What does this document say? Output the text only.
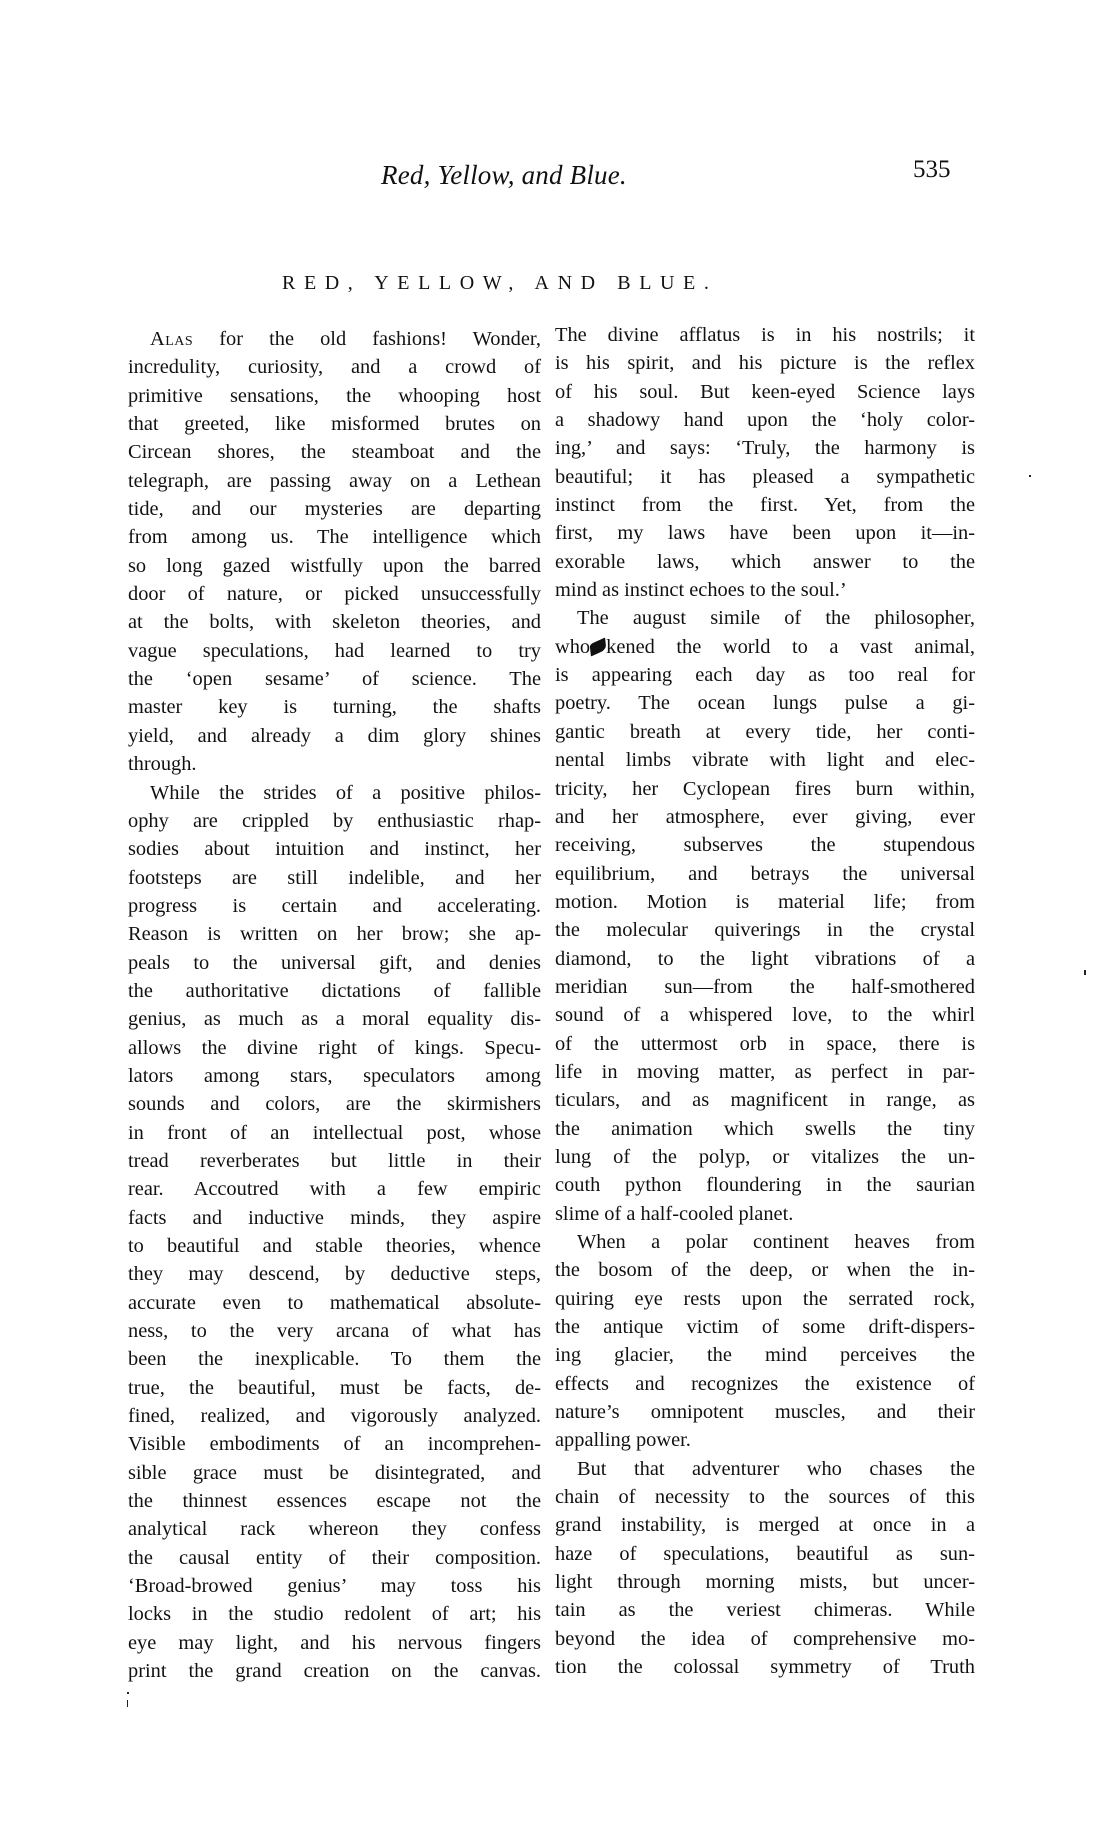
Red, Yellow, and Blue.	535
RED, YELLOW, AND BLUE.
Alas for the old fashions! Wonder,
incredulity, curiosity, and a crowd of
primitive sensations, the whooping host
that greeted, like misformed brutes on
Circean shores, the steamboat and the
telegraph, are passing away on a Lethean
tide, and our mysteries are departing
from among us. The intelligence which
so long gazed wistfully upon the barred
door of nature, or picked unsuccessfully
at the bolts, with skeleton theories, and
vague speculations, had learned to try
the ‘open sesame’ of science. The
master key is turning, the shafts
yield, and already a dim glory shines
through.
While the strides of a positive philos-
ophy are crippled by enthusiastic rhap-
sodies about intuition and instinct, her
footsteps are still indelible, and her
progress is certain and accelerating.
Reason is written on her brow; she ap-
peals to the universal gift, and denies
the authoritative dictations of fallible
genius, as much as a moral equality dis-
allows the divine right of kings. Specu-
lators among stars, speculators among
sounds and colors, are the skirmishers
in front of an intellectual post, whose
tread reverberates but little in their
rear. Accoutred with a few empiric
facts and inductive minds, they aspire
to beautiful and stable theories, whence
they may descend, by deductive steps,
accurate even to mathematical absolute-
ness, to the very arcana of what has
been the inexplicable. To them the
true, the beautiful, must be facts, de-
fined, realized, and vigorously analyzed.
Visible embodiments of an incomprehen-
sible grace must be disintegrated, and
the thinnest essences escape not the
analytical rack whereon they confess
the causal entity of their composition.
‘Broad-browed genius’ may toss his
locks in the studio redolent of art; his
eye may light, and his nervous fingers
print the grand creation on the canvas.
The divine afflatus is in his nostrils; it
is his spirit, and his picture is the reflex
of his soul. But keen-eyed Science lays
a shadowy hand upon the ‘holy color-
ing,’ and says: ‘Truly, the harmony is
beautiful; it has pleased a sympathetic
instinct from the first. Yet, from the
first, my laws have been upon it—in-
exorable laws, which answer to the
mind as instinct echoes to the soul.’
The august simile of the philosopher,
who kened the world to a vast animal,
is appearing each day as too real for
poetry. The ocean lungs pulse a gi-
gantic breath at every tide, her conti-
nental limbs vibrate with light and elec-
tricity, her Cyclopean fires burn within,
and her atmosphere, ever giving, ever
receiving, subserves the stupendous
equilibrium, and betrays the universal
motion. Motion is material life; from
the molecular quiverings in the crystal
diamond, to the light vibrations of a
meridian sun—from the half-smothered
sound of a whispered love, to the whirl
of the uttermost orb in space, there is
life in moving matter, as perfect in par-
ticulars, and as magnificent in range, as
the animation which swells the tiny
lung of the polyp, or vitalizes the un-
couth python floundering in the saurian
slime of a half-cooled planet.
When a polar continent heaves from
the bosom of the deep, or when the in-
quiring eye rests upon the serrated rock,
the antique victim of some drift-dispers-
ing glacier, the mind perceives the
effects and recognizes the existence of
nature’s omnipotent muscles, and their
appalling power.
But that adventurer who chases the
chain of necessity to the sources of this
grand instability, is merged at once in a
haze of speculations, beautiful as sun-
light through morning mists, but uncer-
tain as the veriest chimeras. While
beyond the idea of comprehensive mo-
tion the colossal symmetry of Truth
